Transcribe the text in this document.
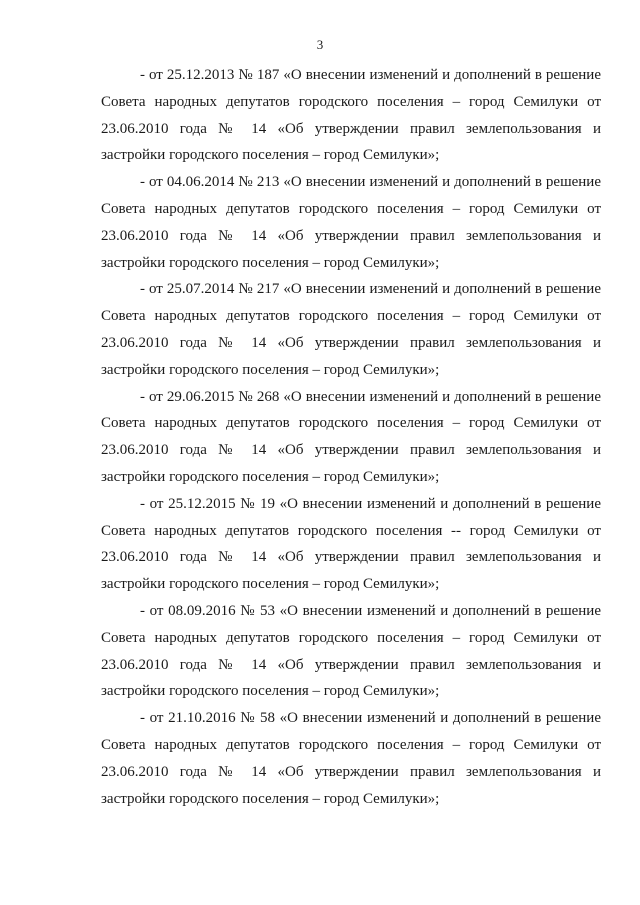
3

- от 25.12.2013 № 187 «О внесении изменений и дополнений в решение Совета народных депутатов городского поселения – город Семилуки от 23.06.2010 года № 14 «Об утверждении правил землепользования и застройки городского поселения – город Семилуки»;

- от 04.06.2014 № 213 «О внесении изменений и дополнений в решение Совета народных депутатов городского поселения – город Семилуки от 23.06.2010 года № 14 «Об утверждении правил землепользования и застройки городского поселения – город Семилуки»;

- от 25.07.2014 № 217 «О внесении изменений и дополнений в решение Совета народных депутатов городского поселения – город Семилуки от 23.06.2010 года № 14 «Об утверждении правил землепользования и застройки городского поселения – город Семилуки»;

- от 29.06.2015 № 268 «О внесении изменений и дополнений в решение Совета народных депутатов городского поселения – город Семилуки от 23.06.2010 года № 14 «Об утверждении правил землепользования и застройки городского поселения – город Семилуки»;

- от 25.12.2015 № 19 «О внесении изменений и дополнений в решение Совета народных депутатов городского поселения -- город Семилуки от 23.06.2010 года № 14 «Об утверждении правил землепользования и застройки городского поселения – город Семилуки»;

- от 08.09.2016 № 53 «О внесении изменений и дополнений в решение Совета народных депутатов городского поселения – город Семилуки от 23.06.2010 года № 14 «Об утверждении правил землепользования и застройки городского поселения – город Семилуки»;

- от 21.10.2016 № 58 «О внесении изменений и дополнений в решение Совета народных депутатов городского поселения – город Семилуки от 23.06.2010 года № 14 «Об утверждении правил землепользования и застройки городского поселения – город Семилуки»;
